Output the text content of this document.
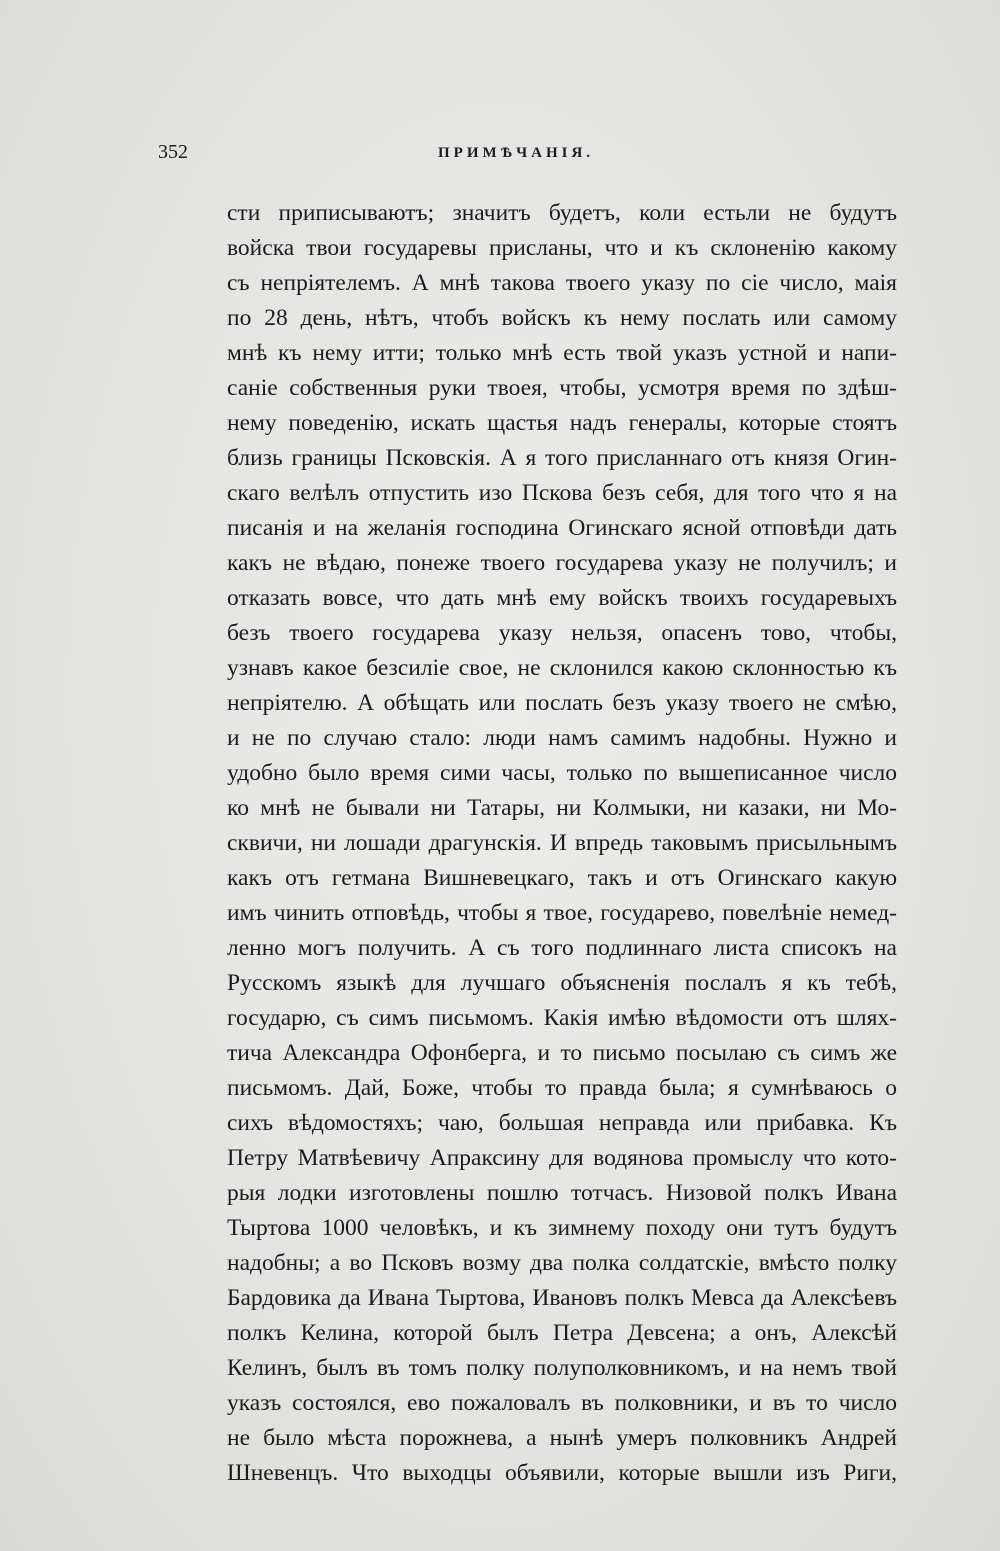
352	ПРИМѢЧАНІЯ.
сти приписываютъ; значитъ будетъ, коли естьли не будутъ
войска твои государевы присланы, что и къ склоненію какому
съ непріятелемъ. А мнѣ такова твоего указу по сіе число, маія
по 28 день, нѣтъ, чтобъ войскъ къ нему послать или самому
мнѣ къ нему итти; только мнѣ есть твой указъ устной и напи-
саніе собственныя руки твоея, чтобы, усмотря время по здѣш-
нему поведенію, искать щастья надъ генералы, которые стоятъ
близь границы Псковскія. А я того присланнаго отъ князя Огин-
скаго велѣлъ отпустить изо Пскова безъ себя, для того что я на
писанія и на желанія господина Огинскаго ясной отповѣди дать
какъ не вѣдаю, понеже твоего государева указу не получилъ; и
отказать вовсе, что дать мнѣ ему войскъ твоихъ государевыхъ
безъ твоего государева указу нельзя, опасенъ тово, чтобы,
узнавъ какое безсиліе свое, не склонился какою склонностью къ
непріятелю. А обѣщать или послать безъ указу твоего не смѣю,
и не по случаю стало: люди намъ самимъ надобны. Нужно и
удобно было время сими часы, только по вышеписанное число
ко мнѣ не бывали ни Татары, ни Колмыки, ни казаки, ни Мо-
сквичи, ни лошади драгунскія. И впредь таковымъ присыльнымъ
какъ отъ гетмана Вишневецкаго, такъ и отъ Огинскаго какую
имъ чинить отповѣдь, чтобы я твое, государево, повелѣніе немед-
ленно могъ получить. А съ того подлиннаго листа списокъ на
Русскомъ языкѣ для лучшаго объясненія послалъ я къ тебѣ,
государю, съ симъ письмомъ. Какія имѣю вѣдомости отъ шлях-
тича Александра Офонберга, и то письмо посылаю съ симъ же
письмомъ. Дай, Боже, чтобы то правда была; я сумнѣваюсь о
сихъ вѣдомостяхъ; чаю, большая неправда или прибавка. Къ
Петру Матвѣевичу Апраксину для водянова промыслу что кото-
рыя лодки изготовлены пошлю тотчасъ. Низовой полкъ Ивана
Тыртова 1000 человѣкъ, и къ зимнему походу они тутъ будутъ
надобны; а во Псковъ возму два полка солдатскіе, вмѣсто полку
Бардовика да Ивана Тыртова, Ивановъ полкъ Мевса да Алексѣевъ
полкъ Келина, которой былъ Петра Девсена; а онъ, Алексѣй
Келинъ, былъ въ томъ полку полуполковникомъ, и на немъ твой
указъ состоялся, ево пожаловалъ въ полковники, и въ то число
не было мѣста порожнева, а нынѣ умеръ полковникъ Андрей
Шневенцъ. Что выходцы объявили, которые вышли изъ Риги,
